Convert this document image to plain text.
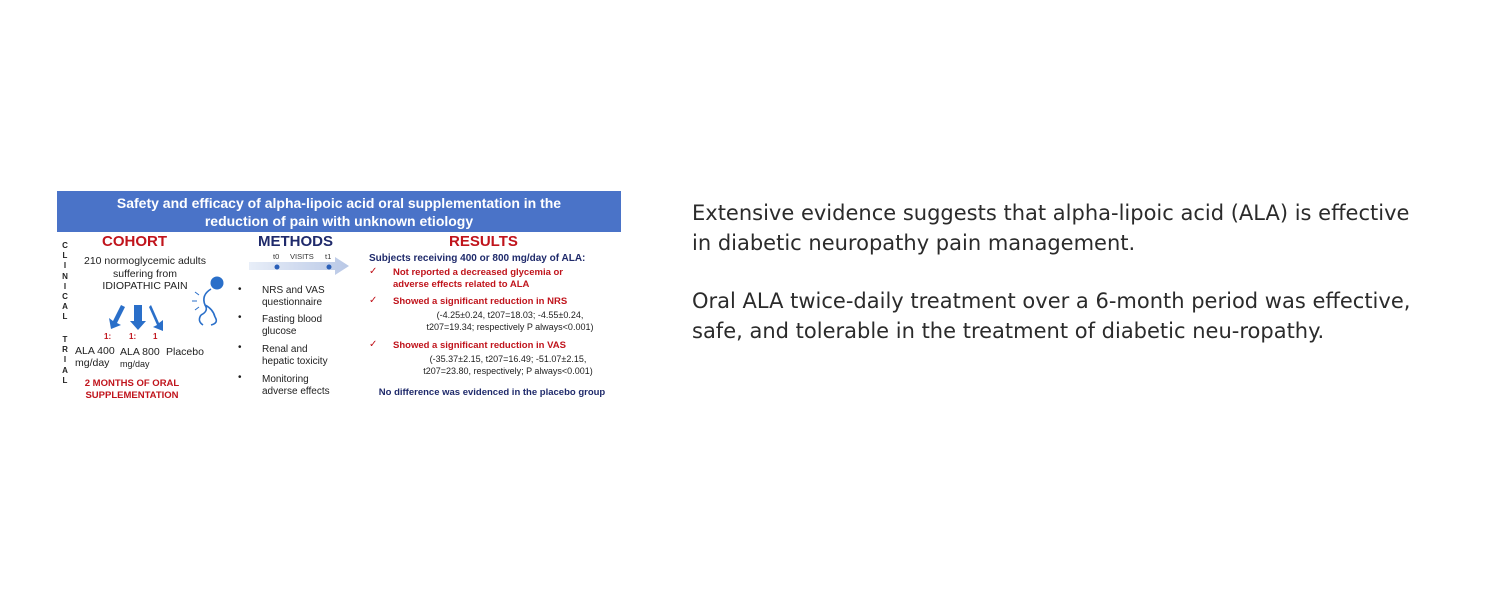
Safety and efficacy of alpha-lipoic acid oral supplementation in the
reduction of pain with unknown etiology
C
L
I
N
I
C
A
L
T
R
I
A
L
COHORT
210 normoglycemic adults
suffering from
IDIOPATHIC PAIN
1: 1: 1
ALA 400
mg/day
ALA 800
mg/day
Placebo
2 MONTHS OF ORAL
SUPPLEMENTATION
METHODS
t0 VISITS t1
• NRS and VAS
questionnaire
• Fasting blood
glucose
• Renal and
hepatic toxicity
• Monitoring
adverse effects
RESULTS
Subjects receiving 400 or 800 mg/day of ALA:
✓ Not reported a decreased glycemia or
adverse effects related to ALA
✓ Showed a significant reduction in NRS
(-4.25±0.24, t207=18.03; -4.55±0.24,
t207=19.34; respectively P always<0.001)
✓ Showed a significant reduction in VAS
(-35.37±2.15, t207=16.49; -51.07±2.15,
t207=23.80, respectively; P always<0.001)
No difference was evidenced in the placebo group

Extensive evidence suggests that alpha-lipoic acid (ALA) is effective in diabetic neuropathy pain management.

Oral ALA twice-daily treatment over a 6-month period was effective, safe, and tolerable in the treatment of diabetic neu-ropathy.
